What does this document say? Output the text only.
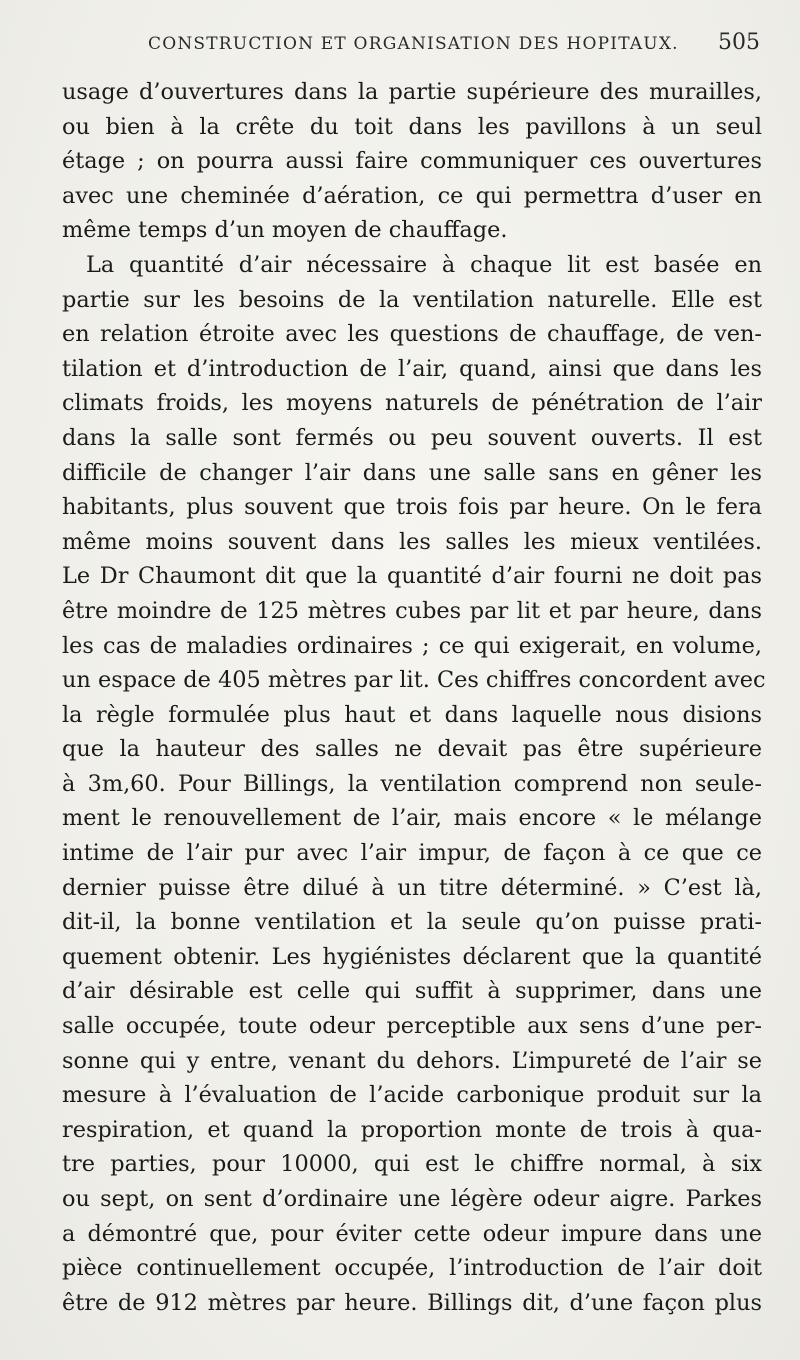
CONSTRUCTION ET ORGANISATION DES HOPITAUX. 505
usage d’ouvertures dans la partie supérieure des murailles,
ou bien à la crête du toit dans les pavillons à un seul
étage ; on pourra aussi faire communiquer ces ouvertures
avec une cheminée d’aération, ce qui permettra d’user en
même temps d’un moyen de chauffage.
La quantité d’air nécessaire à chaque lit est basée en
partie sur les besoins de la ventilation naturelle. Elle est
en relation étroite avec les questions de chauffage, de ven-
tilation et d’introduction de l’air, quand, ainsi que dans les
climats froids, les moyens naturels de pénétration de l’air
dans la salle sont fermés ou peu souvent ouverts. Il est
difficile de changer l’air dans une salle sans en gêner les
habitants, plus souvent que trois fois par heure. On le fera
même moins souvent dans les salles les mieux ventilées.
Le Dr Chaumont dit que la quantité d’air fourni ne doit pas
être moindre de 125 mètres cubes par lit et par heure, dans
les cas de maladies ordinaires ; ce qui exigerait, en volume,
un espace de 405 mètres par lit. Ces chiffres concordent avec
la règle formulée plus haut et dans laquelle nous disions
que la hauteur des salles ne devait pas être supérieure
à 3m,60. Pour Billings, la ventilation comprend non seule-
ment le renouvellement de l’air, mais encore « le mélange
intime de l’air pur avec l’air impur, de façon à ce que ce
dernier puisse être dilué à un titre déterminé. » C’est là,
dit-il, la bonne ventilation et la seule qu’on puisse prati-
quement obtenir. Les hygiénistes déclarent que la quantité
d’air désirable est celle qui suffit à supprimer, dans une
salle occupée, toute odeur perceptible aux sens d’une per-
sonne qui y entre, venant du dehors. L’impureté de l’air se
mesure à l’évaluation de l’acide carbonique produit sur la
respiration, et quand la proportion monte de trois à qua-
tre parties, pour 10000, qui est le chiffre normal, à six
ou sept, on sent d’ordinaire une légère odeur aigre. Parkes
a démontré que, pour éviter cette odeur impure dans une
pièce continuellement occupée, l’introduction de l’air doit
être de 912 mètres par heure. Billings dit, d’une façon plus
